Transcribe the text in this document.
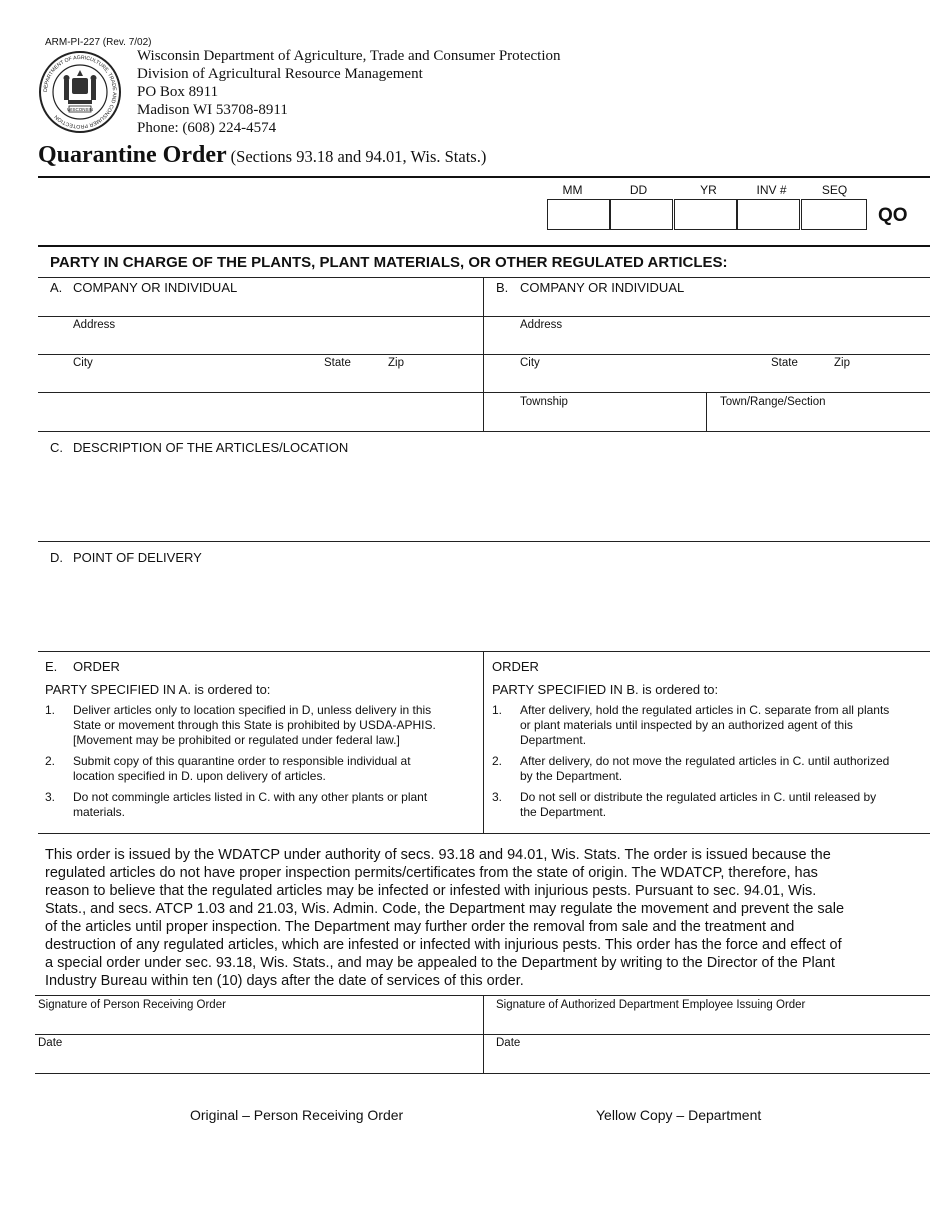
ARM-PI-227 (Rev. 7/02)
DEPARTMENT OF AGRICULTURE, TRADE AND CONSUMER PROTECTION
WISCONSIN
Wisconsin Department of Agriculture, Trade and Consumer Protection
Division of Agricultural Resource Management
PO Box 8911
Madison WI 53708-8911
Phone: (608) 224-4574
Quarantine Order (Sections 93.18 and 94.01, Wis. Stats.)
MM	DD	YR	INV #	SEQ
QO
PARTY IN CHARGE OF THE PLANTS, PLANT MATERIALS, OR OTHER REGULATED ARTICLES:
A. COMPANY OR INDIVIDUAL
Address
City	State	Zip
B. COMPANY OR INDIVIDUAL
Address
City	State	Zip
Township	Town/Range/Section
C. DESCRIPTION OF THE ARTICLES/LOCATION
D. POINT OF DELIVERY
E. ORDER
PARTY SPECIFIED IN A. is ordered to:
1. Deliver articles only to location specified in D, unless delivery in this
State or movement through this State is prohibited by USDA-APHIS.
[Movement may be prohibited or regulated under federal law.]
2. Submit copy of this quarantine order to responsible individual at
location specified in D. upon delivery of articles.
3. Do not commingle articles listed in C. with any other plants or plant
materials.
ORDER
PARTY SPECIFIED IN B. is ordered to:
1. After delivery, hold the regulated articles in C. separate from all plants
or plant materials until inspected by an authorized agent of this
Department.
2. After delivery, do not move the regulated articles in C. until authorized
by the Department.
3. Do not sell or distribute the regulated articles in C. until released by
the Department.
This order is issued by the WDATCP under authority of secs. 93.18 and 94.01, Wis. Stats. The order is issued because the
regulated articles do not have proper inspection permits/certificates from the state of origin. The WDATCP, therefore, has
reason to believe that the regulated articles may be infected or infested with injurious pests. Pursuant to sec. 94.01, Wis.
Stats., and secs. ATCP 1.03 and 21.03, Wis. Admin. Code, the Department may regulate the movement and prevent the sale
of the articles until proper inspection. The Department may further order the removal from sale and the treatment and
destruction of any regulated articles, which are infested or infected with injurious pests. This order has the force and effect of
a special order under sec. 93.18, Wis. Stats., and may be appealed to the Department by writing to the Director of the Plant
Industry Bureau within ten (10) days after the date of services of this order.
Signature of Person Receiving Order	Signature of Authorized Department Employee Issuing Order
Date	Date
Original – Person Receiving Order	Yellow Copy – Department
